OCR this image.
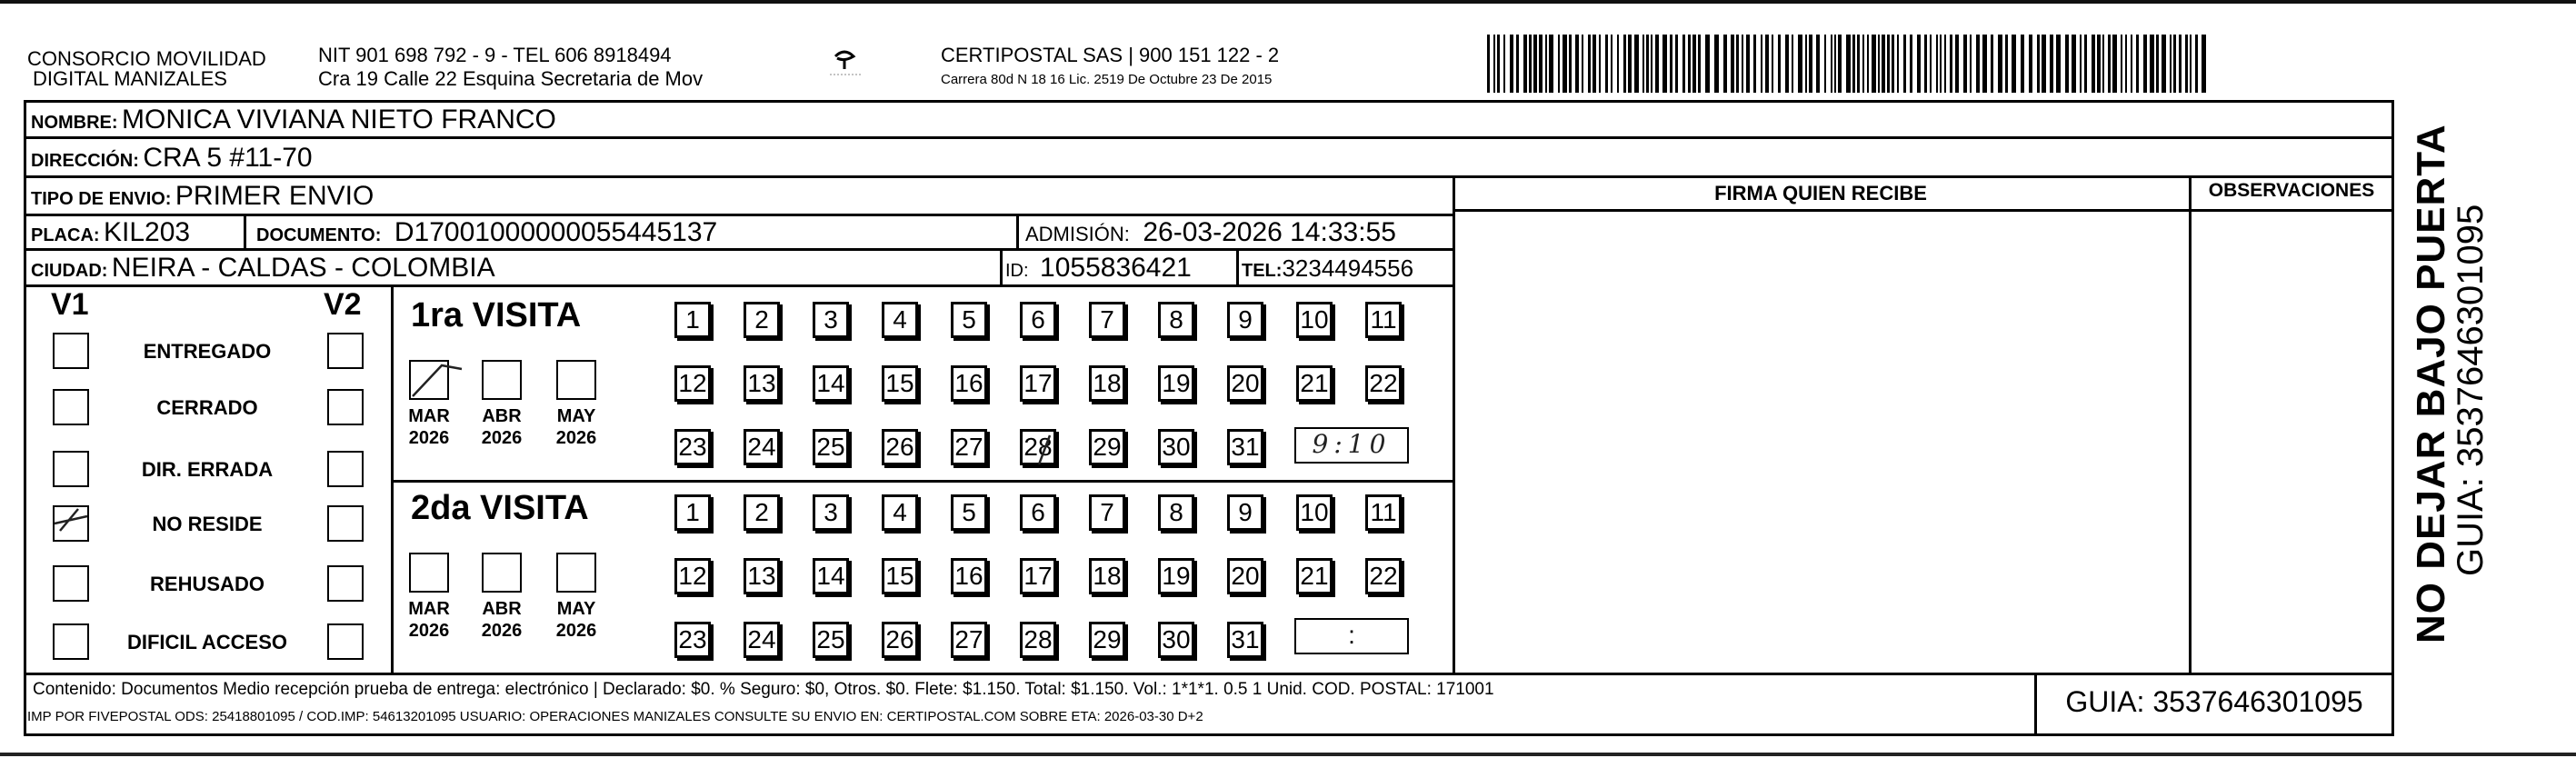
CONSORCIO MOVILIDAD
DIGITAL MANIZALES
NIT 901 698 792 - 9 - TEL 606 8918494
Cra 19 Calle 22 Esquina Secretaria de Mov
CERTIPOSTAL SAS | 900 151 122 - 2
Carrera 80d N 18 16 Lic. 2519 De Octubre 23 De 2015
NOMBRE: MONICA VIVIANA NIETO FRANCO
DIRECCIÓN: CRA 5 #11-70
TIPO DE ENVIO: PRIMER ENVIO
PLACA: KIL203	DOCUMENTO: D17001000000055445137	ADMISIÓN: 26-03-2026 14:33:55
CIUDAD: NEIRA - CALDAS - COLOMBIA	ID: 1055836421	TEL:3234494556
FIRMA QUIEN RECIBE	OBSERVACIONES
V1	V2
ENTREGADO
CERRADO
DIR. ERRADA
NO RESIDE
REHUSADO
DIFICIL ACCESO
1ra VISITA
2da VISITA
MAR
2026
ABR
2026
MAY
2026
MAR
2026
ABR
2026
MAY
2026
1	2	3	4	5	6	7	8	9	10 11
12 13 14 15 16 17 18 19 20 21 22
23 24 25 26 27 28 29 30 31
1	2	3	4	5	6	7	8	9	10 11
12 13 14 15 16 17 18 19 20 21 22
23 24 25 26 27 28 29 30 31
9:10
:
Contenido: Documentos Medio recepción prueba de entrega: electrónico | Declarado: $0. % Seguro: $0, Otros. $0. Flete: $1.150. Total: $1.150. Vol.: 1*1*1. 0.5 1 Unid. COD. POSTAL: 171001
IMP POR FIVEPOSTAL ODS: 25418801095 / COD.IMP: 54613201095 USUARIO: OPERACIONES MANIZALES CONSULTE SU ENVIO EN: CERTIPOSTAL.COM SOBRE ETA: 2026-03-30 D+2	GUIA: 3537646301095
NO DEJAR BAJO PUERTA
GUIA: 3537646301095
